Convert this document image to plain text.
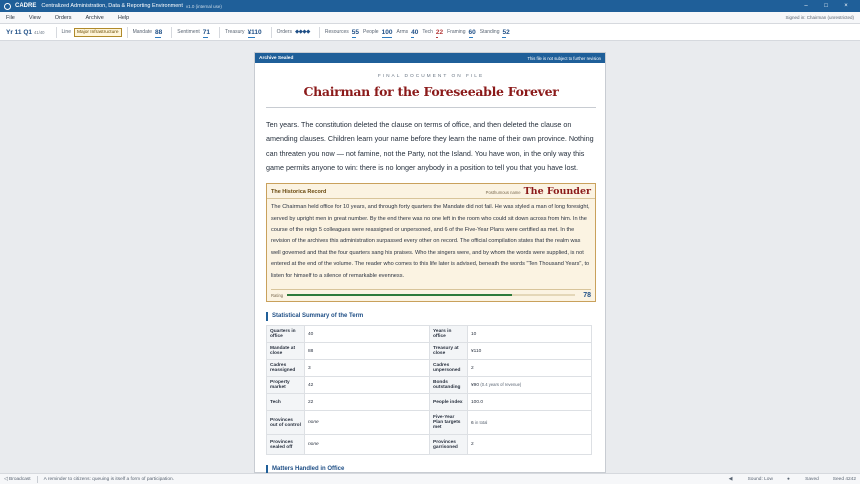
CADRE Centralized Administration, Data & Reporting Environment v1.0 (internal use)	–	□	×
File	View	Orders	Archive	Help	Signed in: Chairman (unrestricted)
Yr 11 Q1 41/40	Line	Major Infrastructure	Mandate 88	Sentiment 71	Treasury ¥110	Orders ◆◆◆◆	Resources 55 People 100 Arms 40 Tech 22 Framing 60 Standing 52
Archive Sealed	This file is not subject to further revision
FINAL DOCUMENT ON FILE
Chairman for the Foreseeable Forever
Ten years. The constitution deleted the clause on terms of office, and then deleted the clause on amending clauses. Children learn your name before they learn the name of their own province. Nothing can threaten you now — not famine, not the Party, not the Island. You have won, in the only way this game permits anyone to win: there is no longer anybody in a position to tell you that you have lost.
The Historica Record	Posthumous name The Founder
The Chairman held office for 10 years, and through forty quarters the Mandate did not fail. He was styled a man of long foresight, served by upright men in great number. By the end there was no one left in the room who could sit down across from him. In the course of the reign 5 colleagues were reassigned or unpersoned, and 6 of the Five-Year Plans were certified as met. In the revision of the archives this administration surpassed every other on record. The official compilation states that the realm was well governed and that the four quarters sang his praises. Who the singers were, and by whom the words were supplied, is not entered at the end of the volume. The reader who comes to this life later is advised, beneath the words "Ten Thousand Years", to listen for himself to a silence of remarkable evenness.
Rating	78
Statistical Summary of the Term
Quarters in office	40	Years in office	10
Mandate at close	88	Treasury at close	¥110
Cadres reassigned	3	Cadres unpersoned	2
Property market	42	Bonds outstanding	¥90 (0.4 years of revenue)
Tech	22	People index	100.0
Provinces out of control	none	Five-Year Plan targets met	6 in total
Provinces sealed off	none	Provinces garrisoned	2
Matters Handled in Office
◁ Broadcast	A reminder to citizens: queuing is itself a form of participation.	◀	Sound: Low	●	Saved	Seed 4242
